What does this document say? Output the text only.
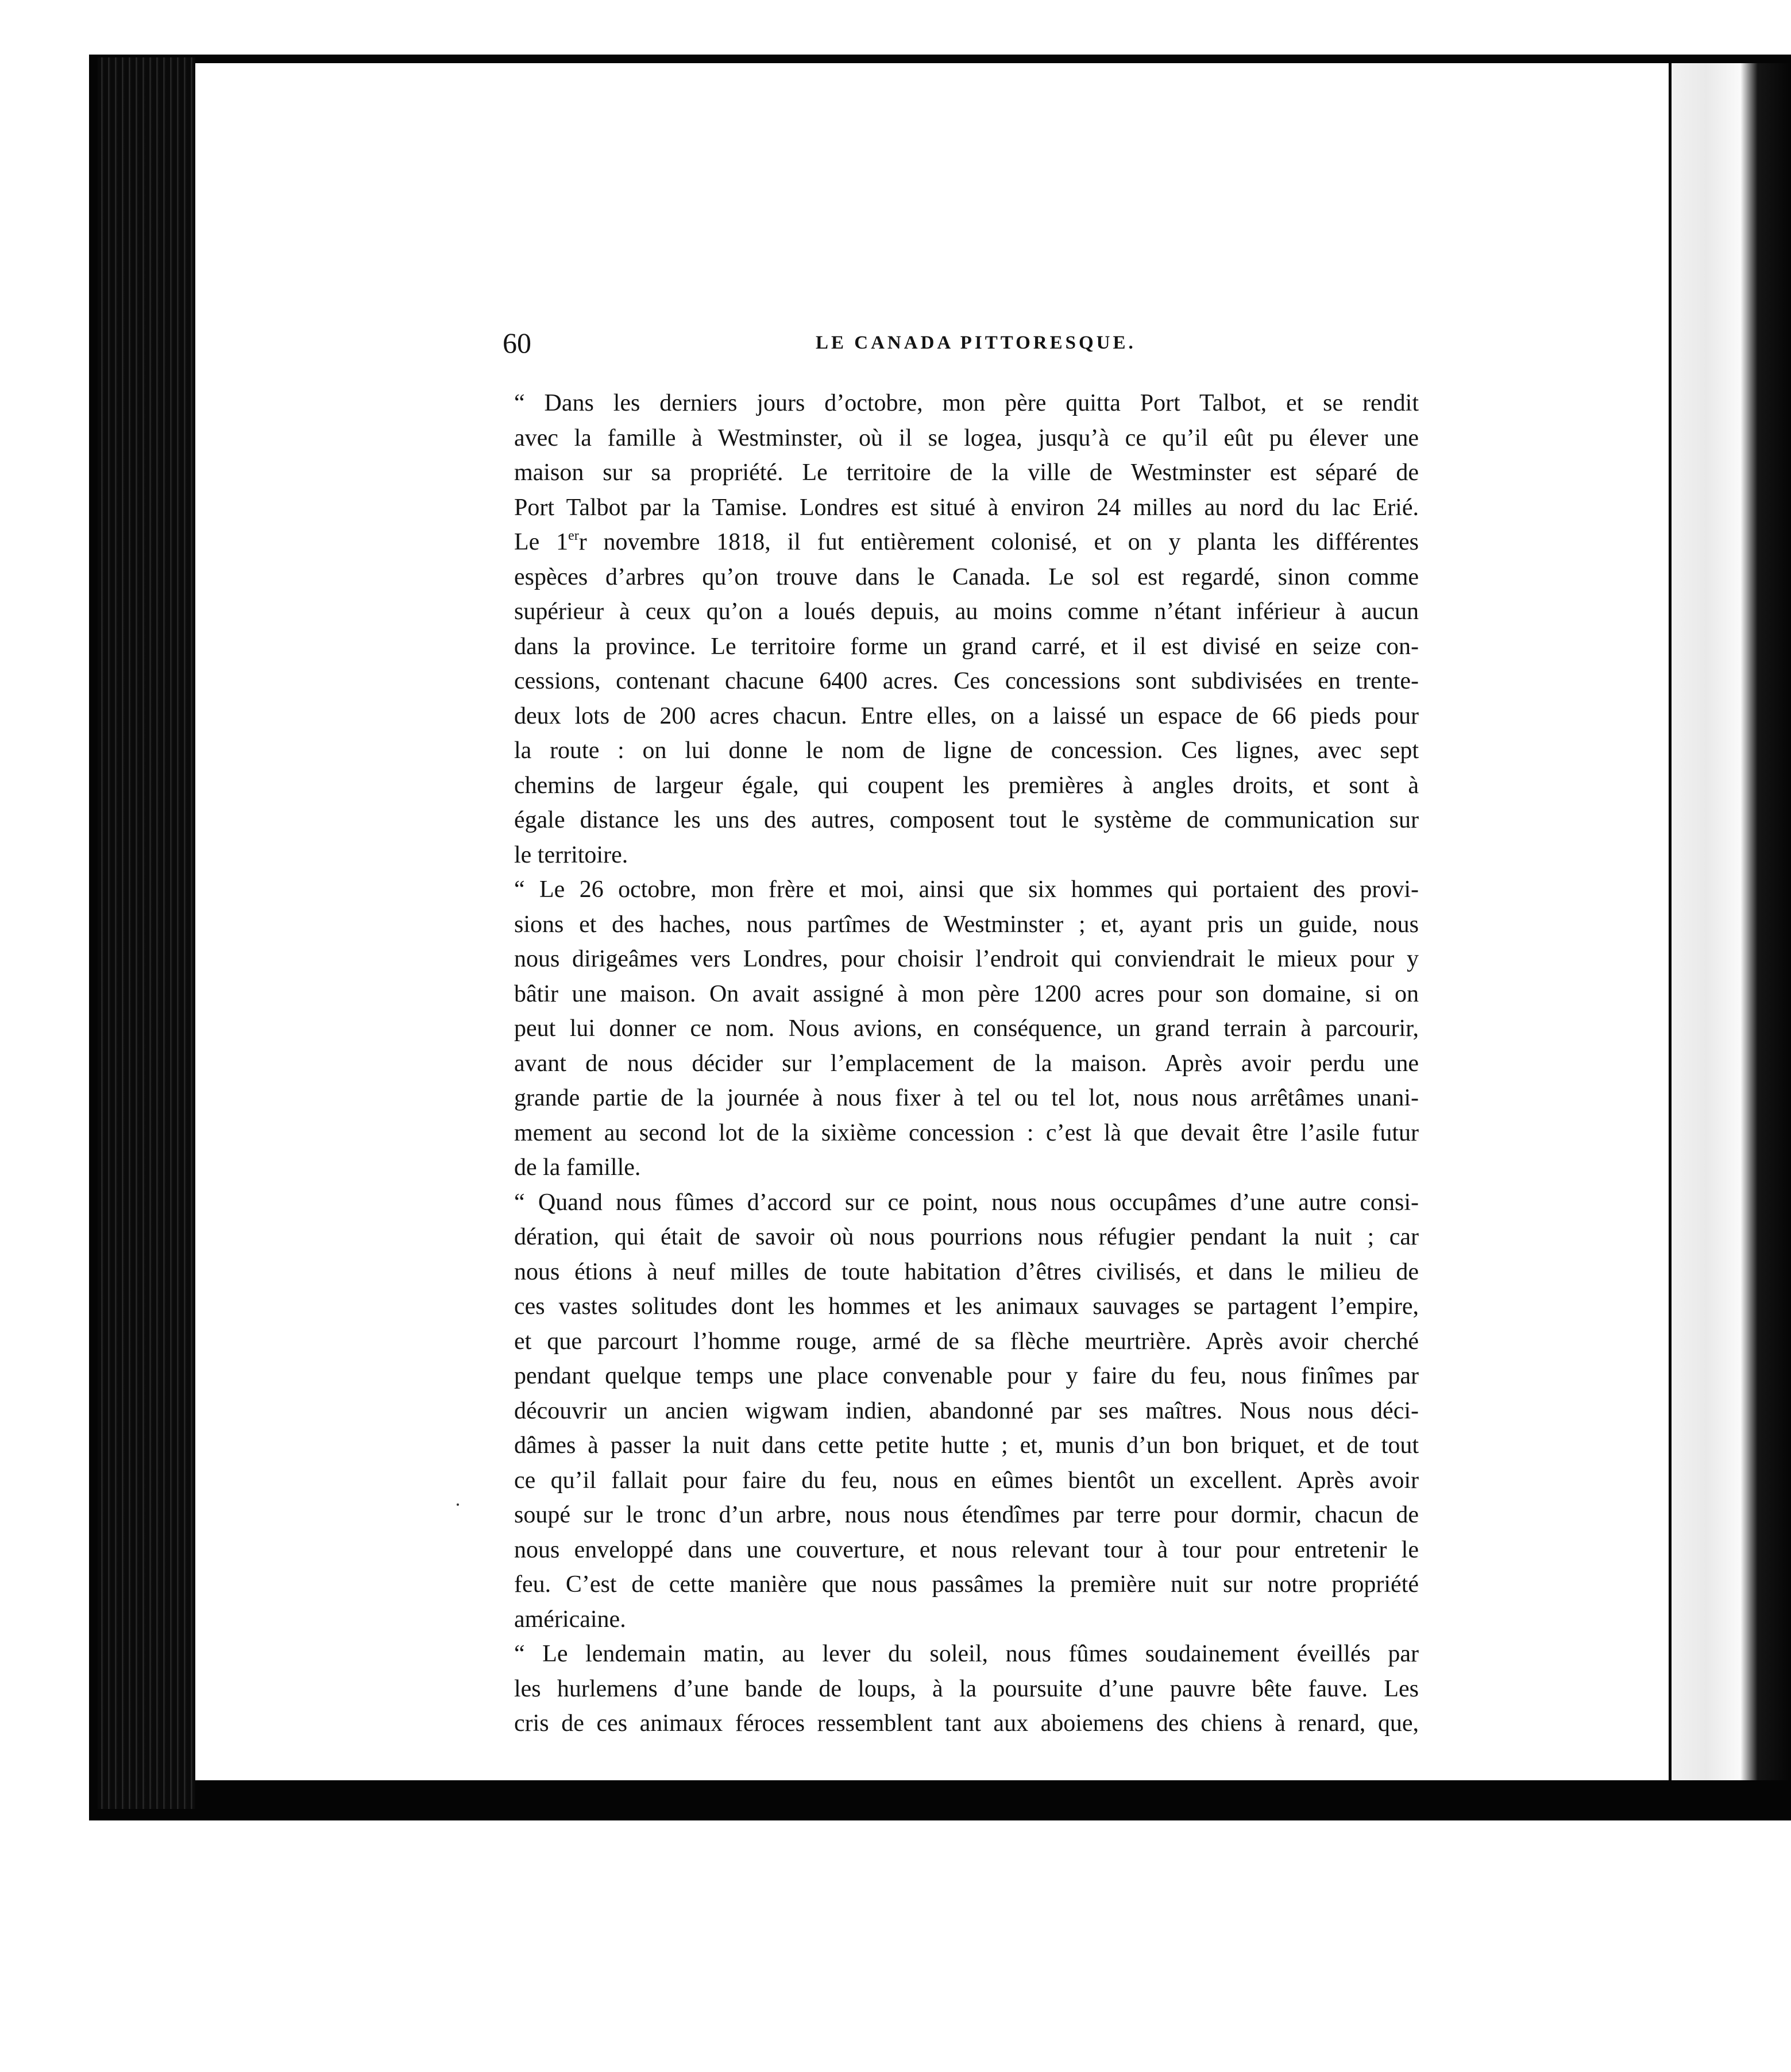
60	LE CANADA PITTORESQUE.
“ Dans les derniers jours d’octobre, mon père quitta Port Talbot, et se rendit
avec la famille à Westminster, où il se logea, jusqu’à ce qu’il eût pu élever une
maison sur sa propriété. Le territoire de la ville de Westminster est séparé de
Port Talbot par la Tamise. Londres est situé à environ 24 milles au nord du lac Erié.
Le 1err novembre 1818, il fut entièrement colonisé, et on y planta les différentes
espèces d’arbres qu’on trouve dans le Canada. Le sol est regardé, sinon comme
supérieur à ceux qu’on a loués depuis, au moins comme n’étant inférieur à aucun
dans la province. Le territoire forme un grand carré, et il est divisé en seize con-
cessions, contenant chacune 6400 acres. Ces concessions sont subdivisées en trente-
deux lots de 200 acres chacun. Entre elles, on a laissé un espace de 66 pieds pour
la route : on lui donne le nom de ligne de concession. Ces lignes, avec sept
chemins de largeur égale, qui coupent les premières à angles droits, et sont à
égale distance les uns des autres, composent tout le système de communication sur
le territoire.
“ Le 26 octobre, mon frère et moi, ainsi que six hommes qui portaient des provi-
sions et des haches, nous partîmes de Westminster ; et, ayant pris un guide, nous
nous dirigeâmes vers Londres, pour choisir l’endroit qui conviendrait le mieux pour y
bâtir une maison. On avait assigné à mon père 1200 acres pour son domaine, si on
peut lui donner ce nom. Nous avions, en conséquence, un grand terrain à parcourir,
avant de nous décider sur l’emplacement de la maison. Après avoir perdu une
grande partie de la journée à nous fixer à tel ou tel lot, nous nous arrêtâmes unani-
mement au second lot de la sixième concession : c’est là que devait être l’asile futur
de la famille.
“ Quand nous fûmes d’accord sur ce point, nous nous occupâmes d’une autre consi-
dération, qui était de savoir où nous pourrions nous réfugier pendant la nuit ; car
nous étions à neuf milles de toute habitation d’êtres civilisés, et dans le milieu de
ces vastes solitudes dont les hommes et les animaux sauvages se partagent l’empire,
et que parcourt l’homme rouge, armé de sa flèche meurtrière. Après avoir cherché
pendant quelque temps une place convenable pour y faire du feu, nous finîmes par
découvrir un ancien wigwam indien, abandonné par ses maîtres. Nous nous déci-
dâmes à passer la nuit dans cette petite hutte ; et, munis d’un bon briquet, et de tout
ce qu’il fallait pour faire du feu, nous en eûmes bientôt un excellent. Après avoir
soupé sur le tronc d’un arbre, nous nous étendîmes par terre pour dormir, chacun de
nous enveloppé dans une couverture, et nous relevant tour à tour pour entretenir le
feu. C’est de cette manière que nous passâmes la première nuit sur notre propriété
américaine.
“ Le lendemain matin, au lever du soleil, nous fûmes soudainement éveillés par
les hurlemens d’une bande de loups, à la poursuite d’une pauvre bête fauve. Les
cris de ces animaux féroces ressemblent tant aux aboiemens des chiens à renard, que,
